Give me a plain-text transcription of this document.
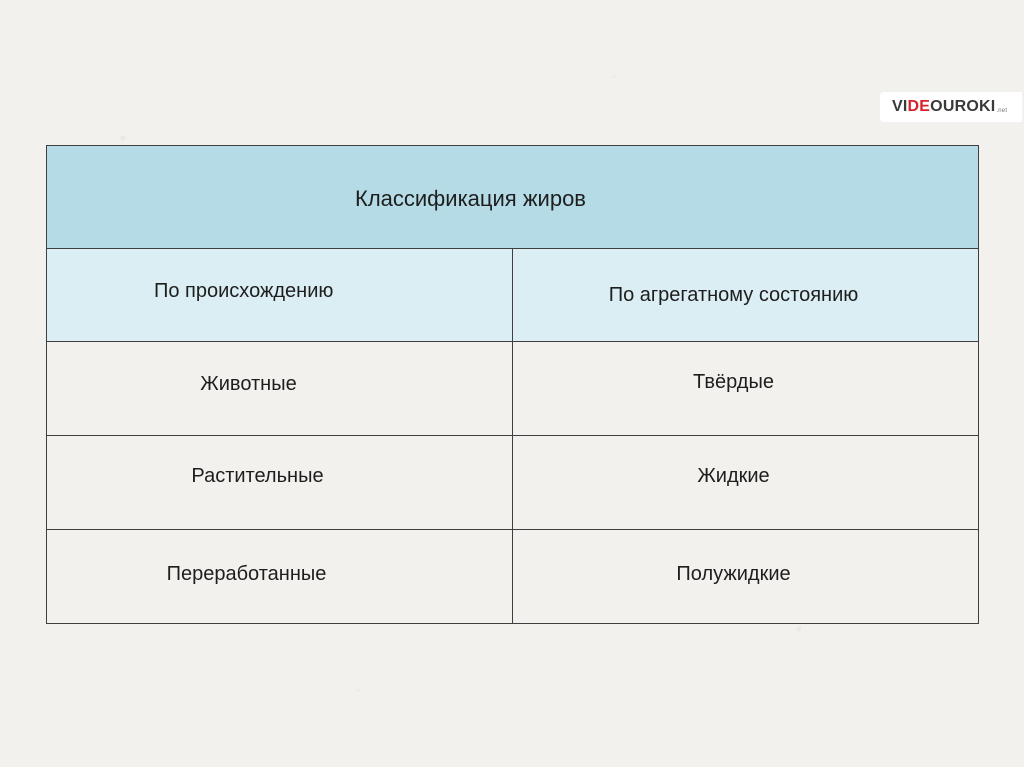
VI DE OUROKI .net
Классификация жиров	
По происхождению	По агрегатному состоянию
Животные	Твёрдые
Растительные	Жидкие
Переработанные	Полужидкие
